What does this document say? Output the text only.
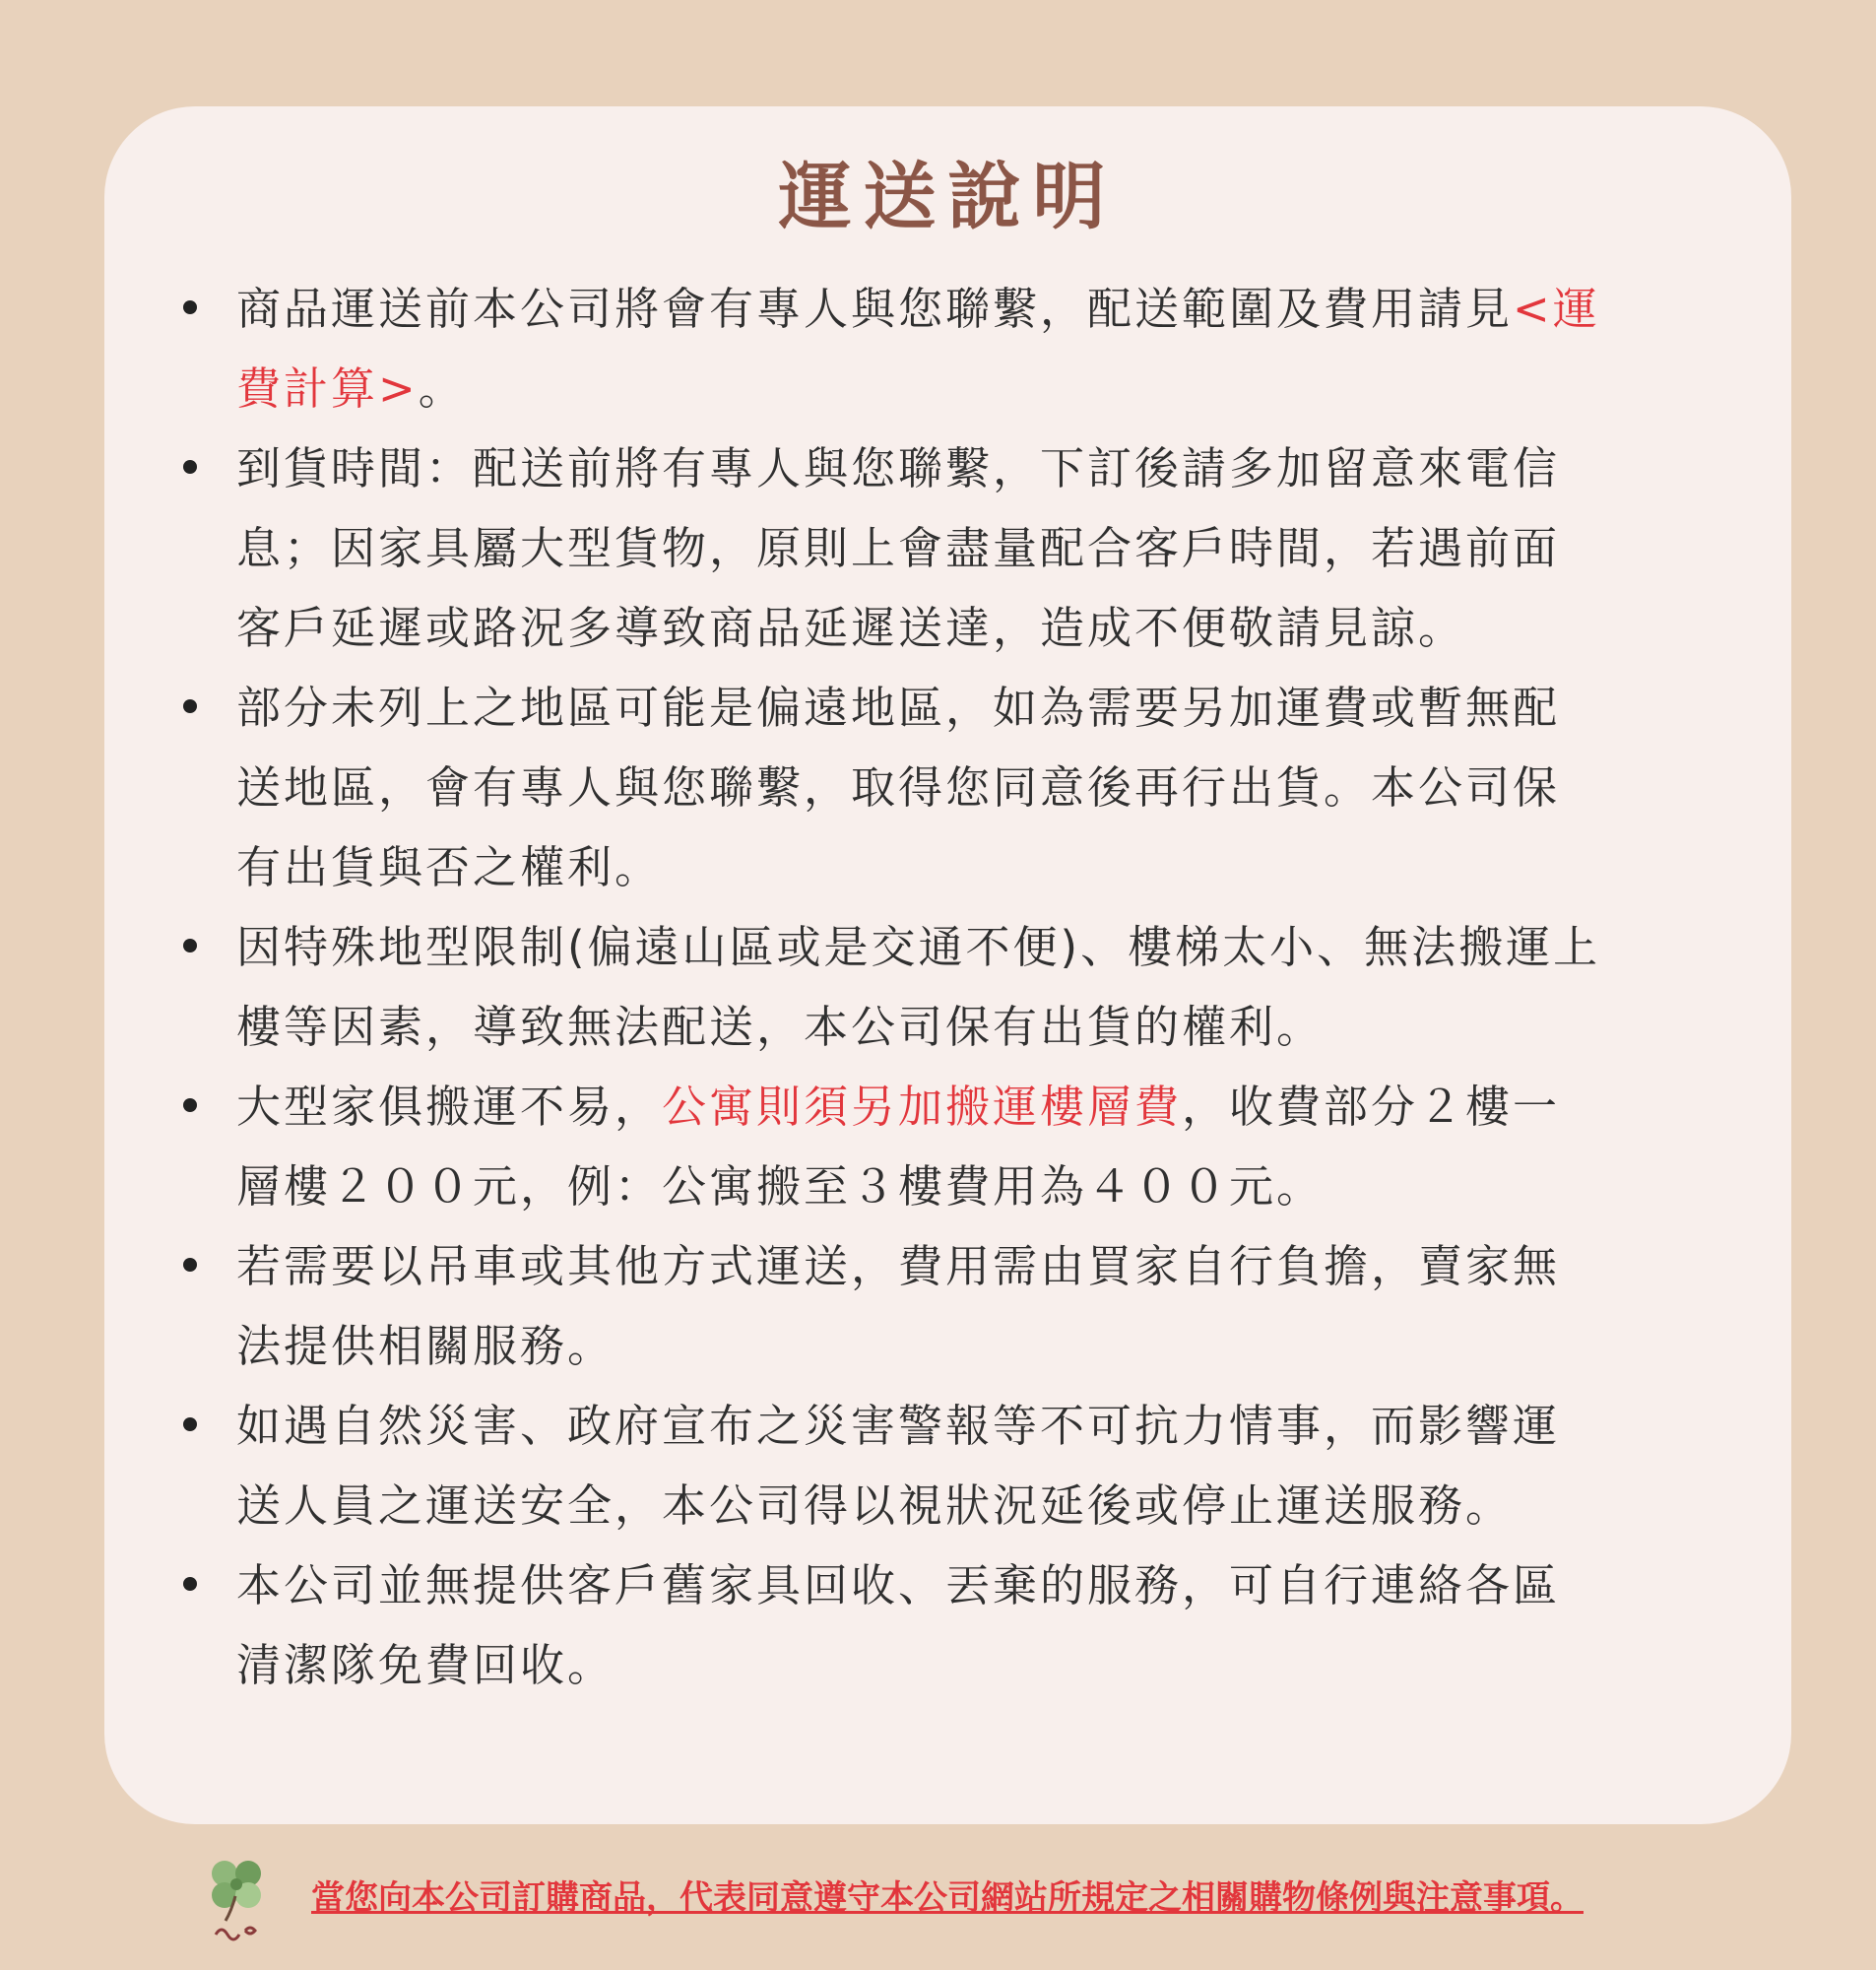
運送說明
商品運送前本公司將會有專人與您聯繫，配送範圍及費用請見<運
費計算>。
到貨時間：配送前將有專人與您聯繫，下訂後請多加留意來電信
息；因家具屬大型貨物，原則上會盡量配合客戶時間，若遇前面
客戶延遲或路況多導致商品延遲送達，造成不便敬請見諒。
部分未列上之地區可能是偏遠地區，如為需要另加運費或暫無配
送地區，會有專人與您聯繫，取得您同意後再行出貨。本公司保
有出貨與否之權利。
因特殊地型限制(偏遠山區或是交通不便)、樓梯太小、無法搬運上
樓等因素，導致無法配送，本公司保有出貨的權利。
大型家俱搬運不易，公寓則須另加搬運樓層費，收費部分２樓一
層樓２００元，例：公寓搬至３樓費用為４００元。
若需要以吊車或其他方式運送，費用需由買家自行負擔，賣家無
法提供相關服務。
如遇自然災害、政府宣布之災害警報等不可抗力情事，而影響運
送人員之運送安全，本公司得以視狀況延後或停止運送服務。
本公司並無提供客戶舊家具回收、丟棄的服務，可自行連絡各區
清潔隊免費回收。
當您向本公司訂購商品，代表同意遵守本公司網站所規定之相關購物條例與注意事項。
